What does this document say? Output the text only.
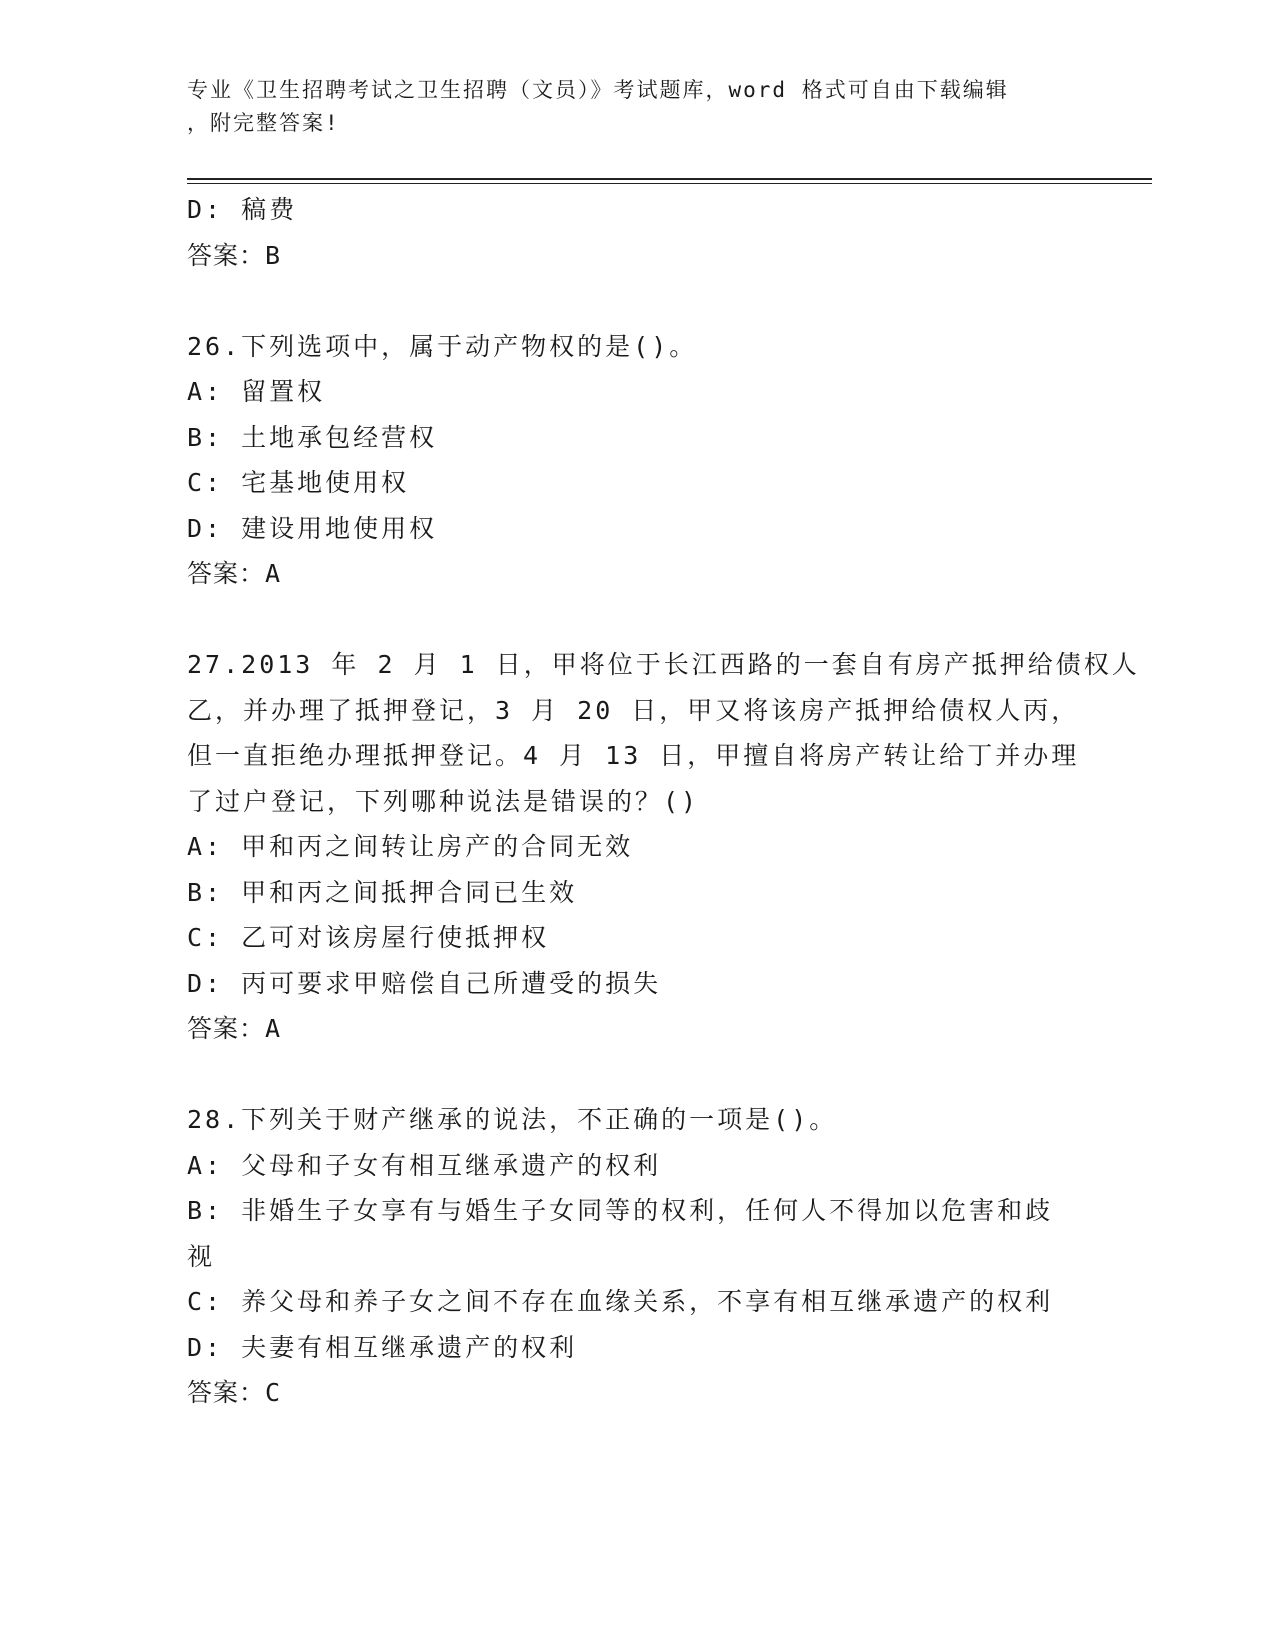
专业《卫生招聘考试之卫生招聘（文员）》考试题库，word 格式可自由下载编辑
，附完整答案!
D: 稿费
答案：B
26.下列选项中，属于动产物权的是()。
A: 留置权
B: 土地承包经营权
C: 宅基地使用权
D: 建设用地使用权
答案：A
27.2013 年 2 月 1 日，甲将位于长江西路的一套自有房产抵押给债权人
乙，并办理了抵押登记，3 月 20 日，甲又将该房产抵押给债权人丙，
但一直拒绝办理抵押登记。4 月 13 日，甲擅自将房产转让给丁并办理
了过户登记，下列哪种说法是错误的？()
A: 甲和丙之间转让房产的合同无效
B: 甲和丙之间抵押合同已生效
C: 乙可对该房屋行使抵押权
D: 丙可要求甲赔偿自己所遭受的损失
答案：A
28.下列关于财产继承的说法，不正确的一项是()。
A: 父母和子女有相互继承遗产的权利
B: 非婚生子女享有与婚生子女同等的权利，任何人不得加以危害和歧
视
C: 养父母和养子女之间不存在血缘关系，不享有相互继承遗产的权利
D: 夫妻有相互继承遗产的权利
答案：C
